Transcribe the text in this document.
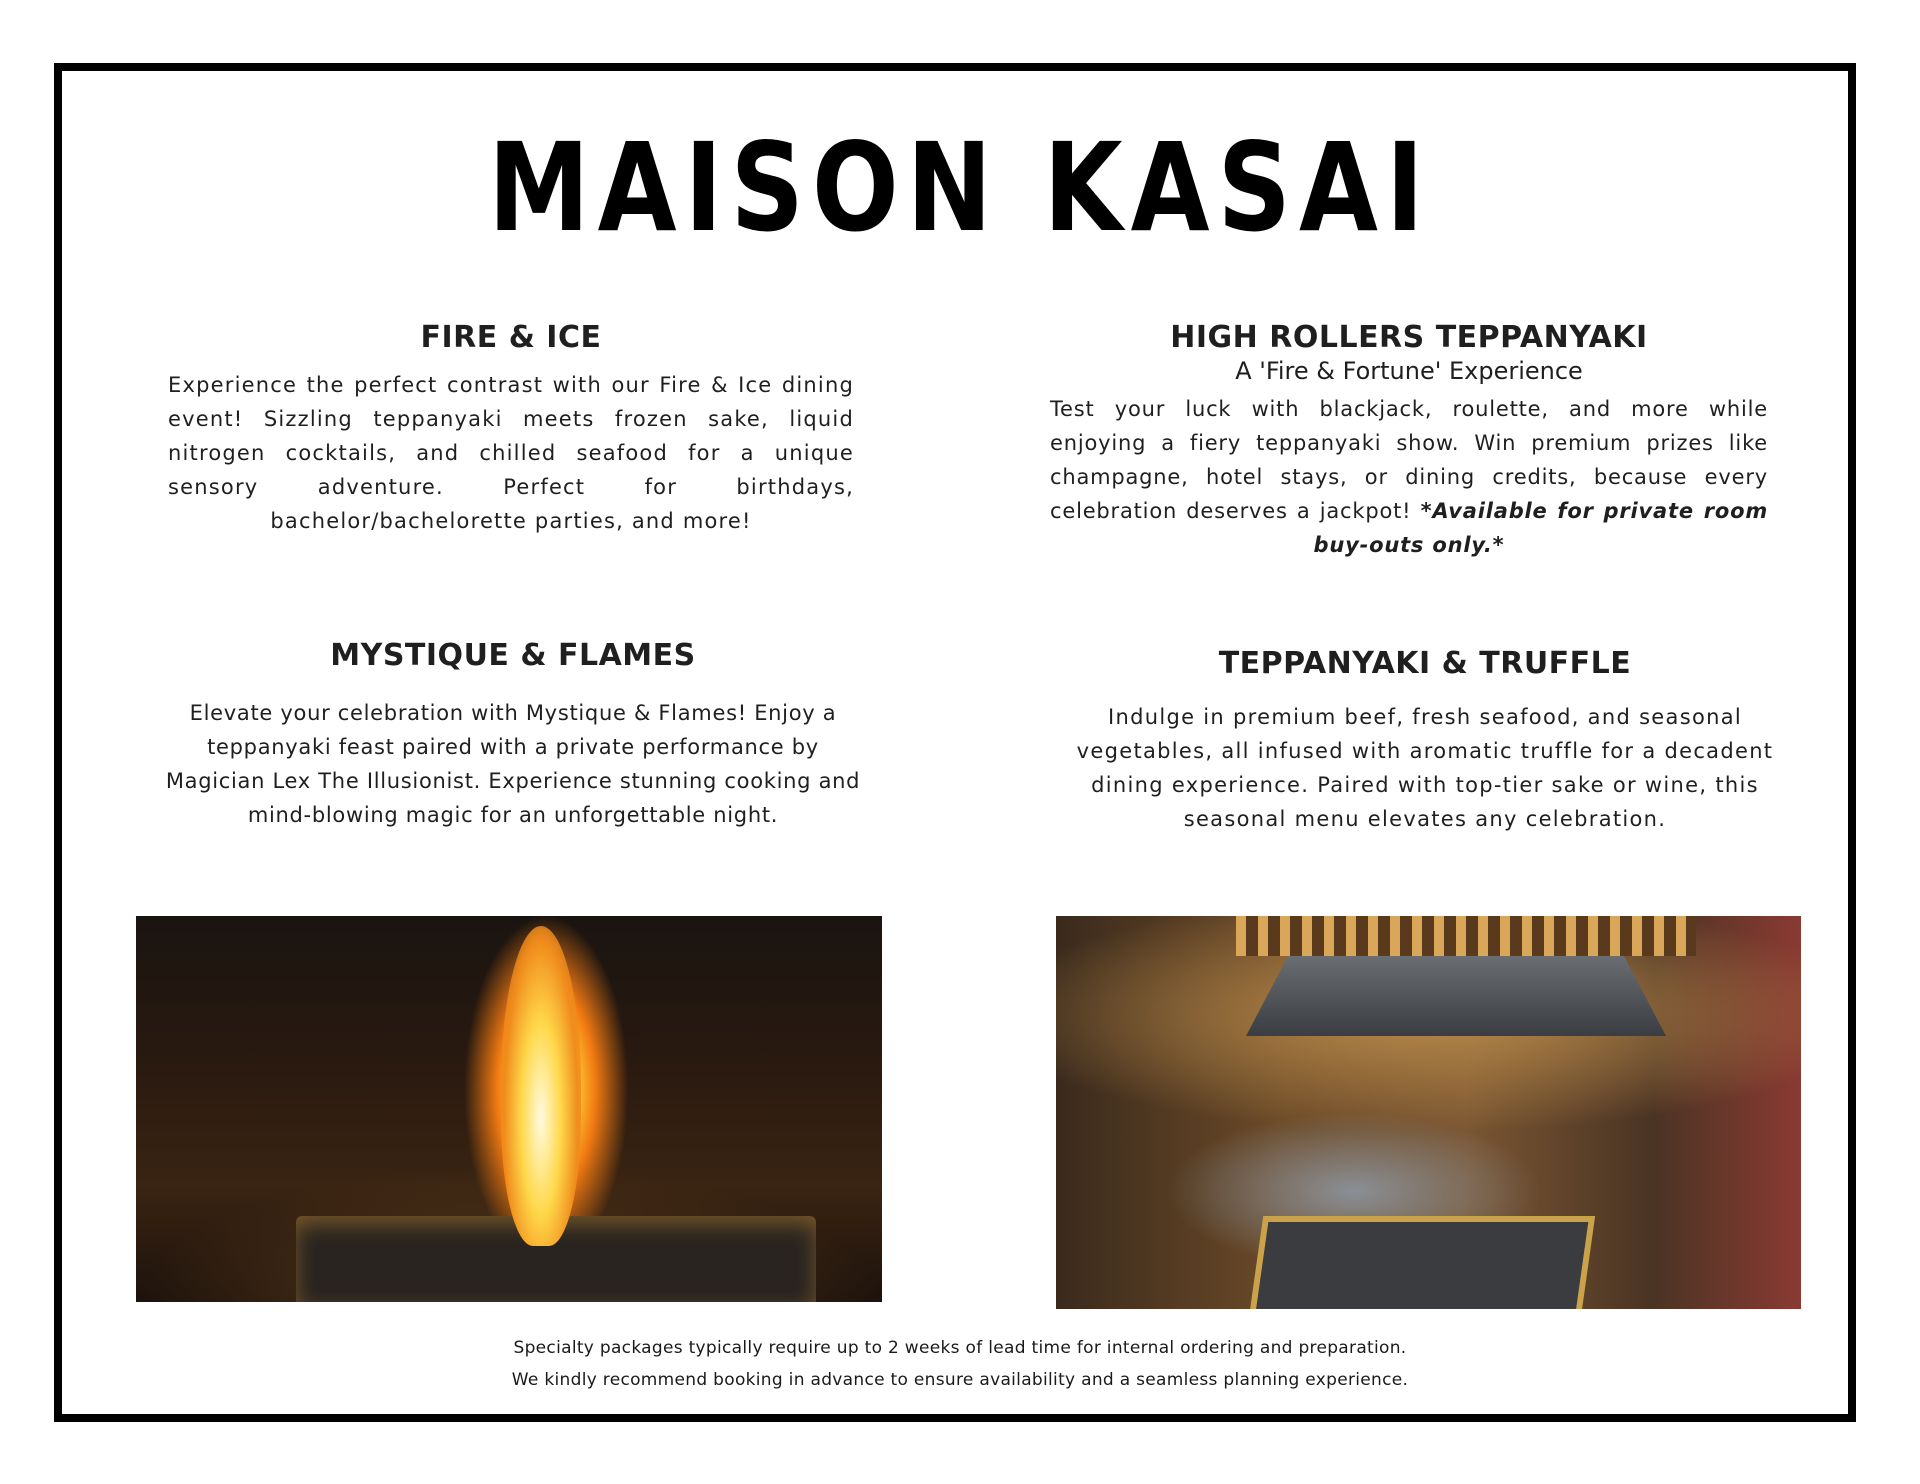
MAISON KASAI
FIRE & ICE

Experience the perfect contrast with our Fire & Ice dining event! Sizzling teppanyaki meets frozen sake, liquid nitrogen cocktails, and chilled seafood for a unique sensory adventure. Perfect for birthdays, bachelor/bachelorette parties, and more!

HIGH ROLLERS TEPPANYAKI
A 'Fire & Fortune' Experience

Test your luck with blackjack, roulette, and more while enjoying a fiery teppanyaki show. Win premium prizes like champagne, hotel stays, or dining credits, because every celebration deserves a jackpot! *Available for private room buy-outs only.*

MYSTIQUE & FLAMES

Elevate your celebration with Mystique & Flames! Enjoy a teppanyaki feast paired with a private performance by Magician Lex The Illusionist. Experience stunning cooking and mind-blowing magic for an unforgettable night.

TEPPANYAKI & TRUFFLE

Indulge in premium beef, fresh seafood, and seasonal vegetables, all infused with aromatic truffle for a decadent dining experience. Paired with top-tier sake or wine, this seasonal menu elevates any celebration.

Specialty packages typically require up to 2 weeks of lead time for internal ordering and preparation.
We kindly recommend booking in advance to ensure availability and a seamless planning experience.
